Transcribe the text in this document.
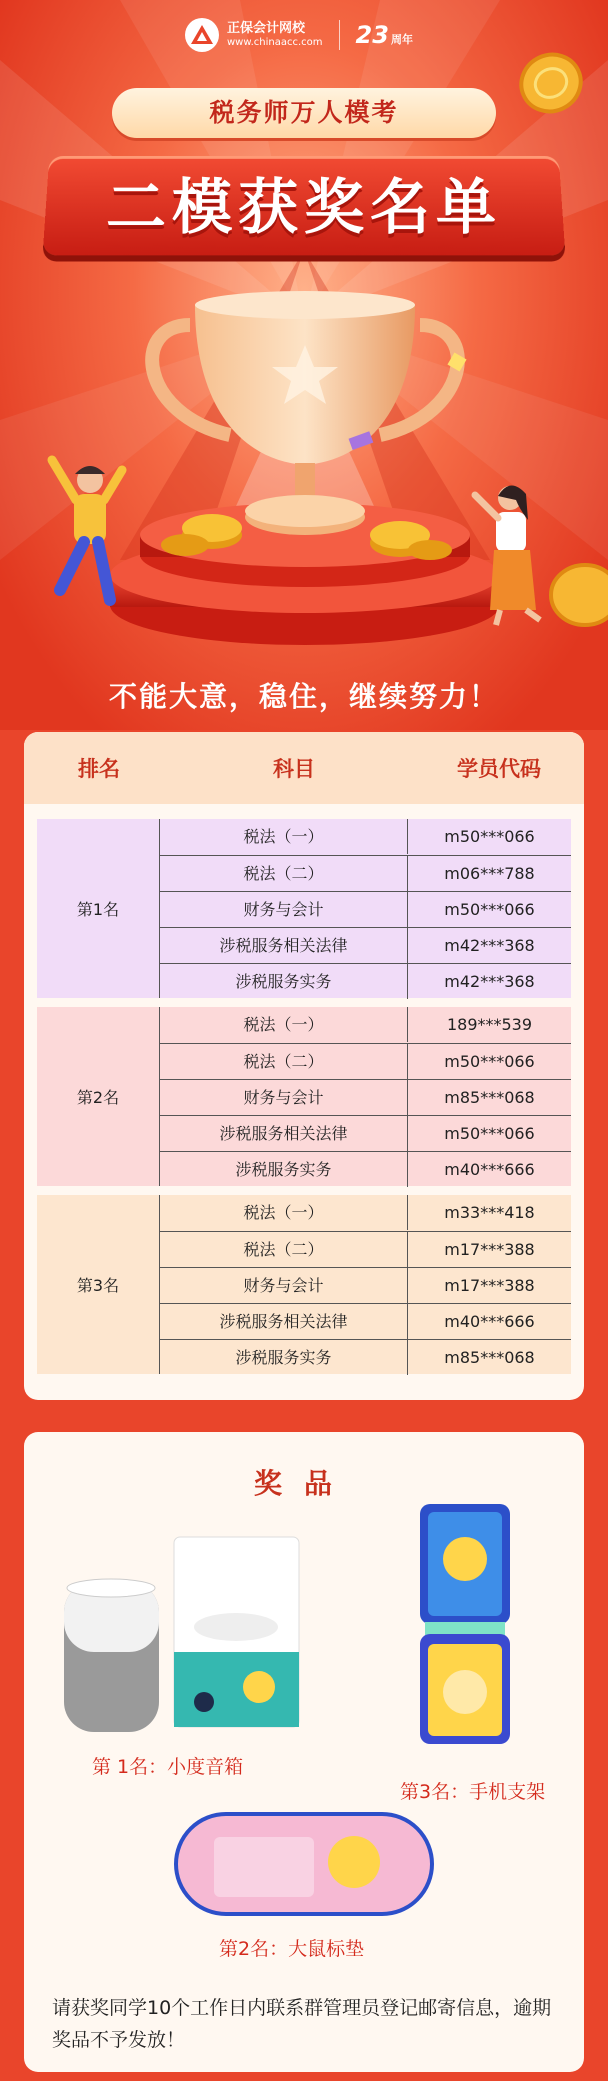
正保会计网校
www.chinaacc.com 23 周年
税务师万人模考
二模获奖名单
不能大意，稳住，继续努力！
排名	科目	学员代码
第1名
税法（一）	m50***066
税法（二）	m06***788
财务与会计	m50***066
涉税服务相关法律	m42***368
涉税服务实务	m42***368
第2名
税法（一）	189***539
税法（二）	m50***066
财务与会计	m85***068
涉税服务相关法律	m50***066
涉税服务实务	m40***666
第3名
税法（一）	m33***418
税法（二）	m17***388
财务与会计	m17***388
涉税服务相关法律	m40***666
涉税服务实务	m85***068
奖品
第 1名：小度音箱
第3名：手机支架
第2名：大鼠标垫
请获奖同学10个工作日内联系群管理员登记邮寄信息，逾期奖品不予发放！
